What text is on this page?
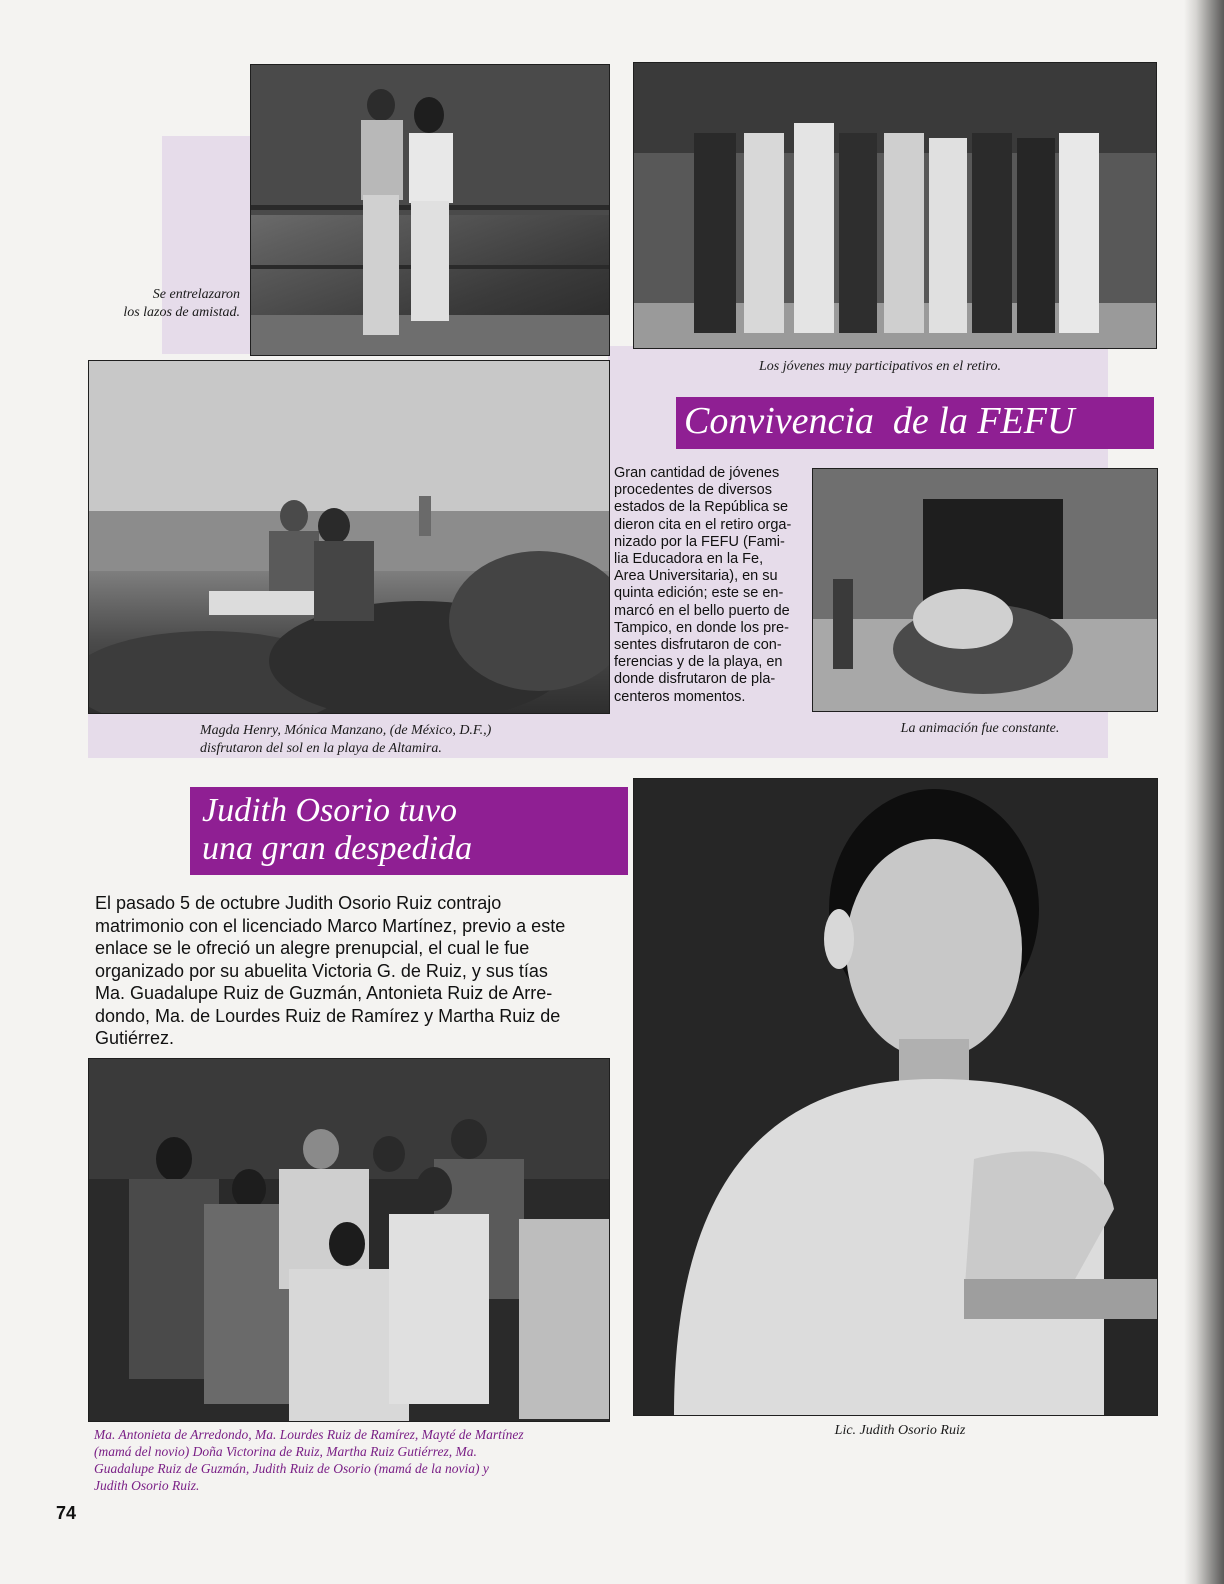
Se entrelazaron
los lazos de amistad.
Los jóvenes muy participativos en el retiro.
Convivencia  de la FEFU
Magda Henry, Mónica Manzano, (de México, D.F.,)
disfrutaron del sol en la playa de Altamira.
Gran cantidad de jóvenes
procedentes de diversos
estados de la República se
dieron cita en el retiro orga-
nizado por la FEFU (Fami-
lia Educadora en la Fe,
Area Universitaria), en su
quinta edición; este se en-
marcó en el bello puerto de
Tampico, en donde los pre-
sentes disfrutaron de con-
ferencias y de la playa, en
donde disfrutaron de pla-
centeros momentos.
La animación fue constante.
Judith Osorio tuvo
una gran despedida
El pasado 5 de octubre Judith Osorio Ruiz contrajo
matrimonio con el licenciado Marco Martínez, previo a este
enlace se le ofreció un alegre prenupcial, el cual le fue
organizado por su abuelita Victoria G. de Ruiz, y sus tías
Ma. Guadalupe Ruiz de Guzmán, Antonieta Ruiz de Arre-
dondo, Ma. de Lourdes Ruiz de Ramírez y Martha Ruiz de
Gutiérrez.
Ma. Antonieta de Arredondo, Ma. Lourdes Ruiz de Ramírez, Mayté de Martínez
(mamá del novio) Doña Victorina de Ruiz, Martha Ruiz Gutiérrez, Ma.
Guadalupe Ruiz de Guzmán, Judith Ruiz de Osorio (mamá de la novia) y
Judith Osorio Ruiz.
Lic. Judith Osorio Ruiz
74
